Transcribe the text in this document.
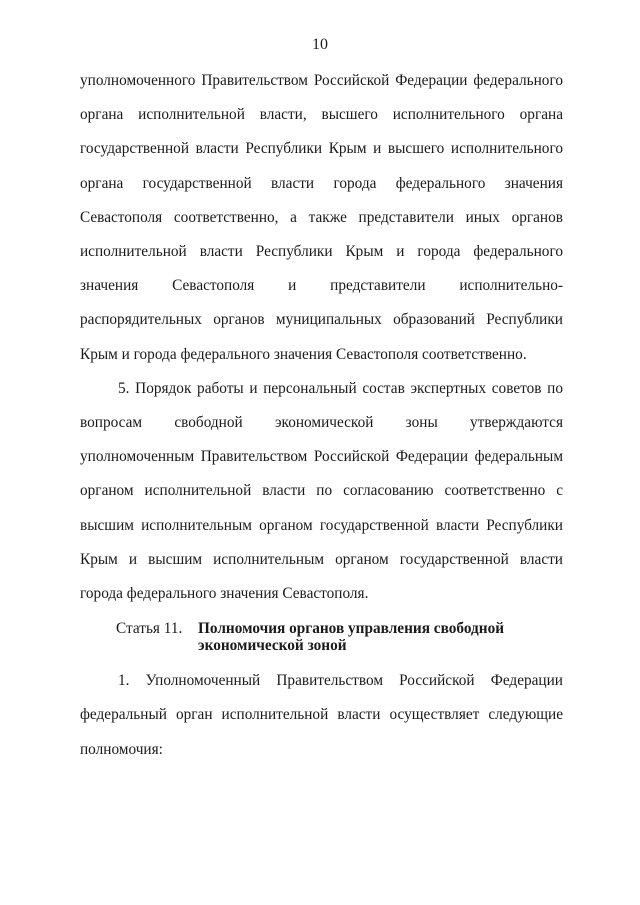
10

уполномоченного Правительством Российской Федерации федерального органа исполнительной власти, высшего исполнительного органа государственной власти Республики Крым и высшего исполнительного органа государственной власти города федерального значения Севастополя соответственно, а также представители иных органов исполнительной власти Республики Крым и города федерального значения Севастополя и представители исполнительно-распорядительных органов муниципальных образований Республики Крым и города федерального значения Севастополя соответственно.

5. Порядок работы и персональный состав экспертных советов по вопросам свободной экономической зоны утверждаются уполномоченным Правительством Российской Федерации федеральным органом исполнительной власти по согласованию соответственно с высшим исполнительным органом государственной власти Республики Крым и высшим исполнительным органом государственной власти города федерального значения Севастополя.

Статья 11.	Полномочия органов управления свободной экономической зоной

1. Уполномоченный Правительством Российской Федерации федеральный орган исполнительной власти осуществляет следующие полномочия:
